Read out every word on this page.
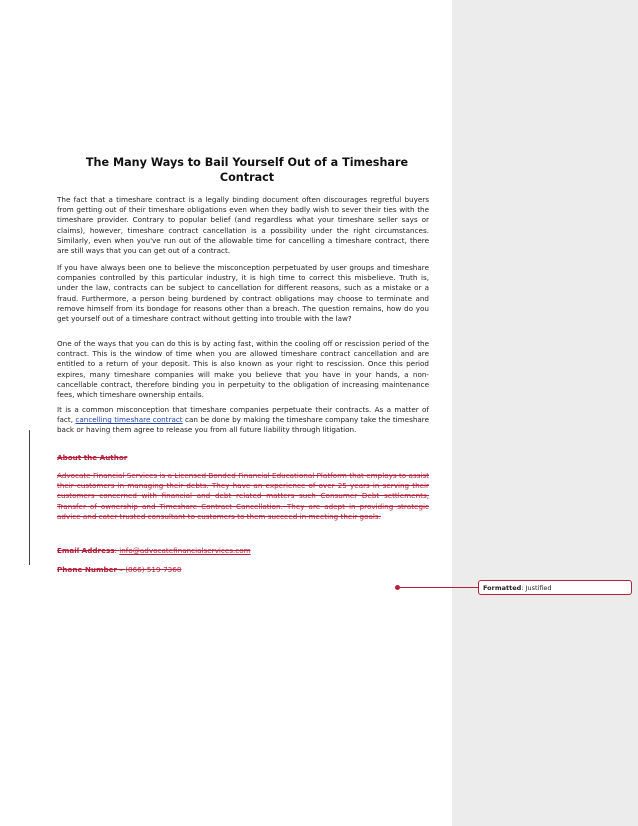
The Many Ways to Bail Yourself Out of a Timeshare
Contract

The fact that a timeshare contract is a legally binding document often discourages regretful buyers from getting out of their timeshare obligations even when they badly wish to sever their ties with the timeshare provider. Contrary to popular belief (and regardless what your timeshare seller says or claims), however, timeshare contract cancellation is a possibility under the right circumstances. Similarly, even when you've run out of the allowable time for cancelling a timeshare contract, there are still ways that you can get out of a contract.

If you have always been one to believe the misconception perpetuated by user groups and timeshare companies controlled by this particular industry, it is high time to correct this misbelieve. Truth is, under the law, contracts can be subject to cancellation for different reasons, such as a mistake or a fraud. Furthermore, a person being burdened by contract obligations may choose to terminate and remove himself from its bondage for reasons other than a breach. The question remains, how do you get yourself out of a timeshare contract without getting into trouble with the law?

One of the ways that you can do this is by acting fast, within the cooling off or rescission period of the contract. This is the window of time when you are allowed timeshare contract cancellation and are entitled to a return of your deposit. This is also known as your right to rescission. Once this period expires, many timeshare companies will make you believe that you have in your hands, a non-cancellable contract, therefore binding you in perpetuity to the obligation of increasing maintenance fees, which timeshare ownership entails.

It is a common misconception that timeshare companies perpetuate their contracts. As a matter of fact, cancelling timeshare contract can be done by making the timeshare company take the timeshare back or having them agree to release you from all future liability through litigation.

About the Author

Advocate Financial Services is a Licensed Bonded Financial Educational Platform that employs to assist their customers in managing their debts. They have an experience of over 25 years in serving their customers concerned with financial and debt related matters such Consumer Debt settlements, Transfer of ownership and Timeshare Contract Cancellation. They are adept in providing strategic advice and cater trusted consultant to customers to them succeed in meeting their goals.

Email Address: info@advocatefinancialservices.com
Phone Number – (866) 519-7368
Formatted: Justified
